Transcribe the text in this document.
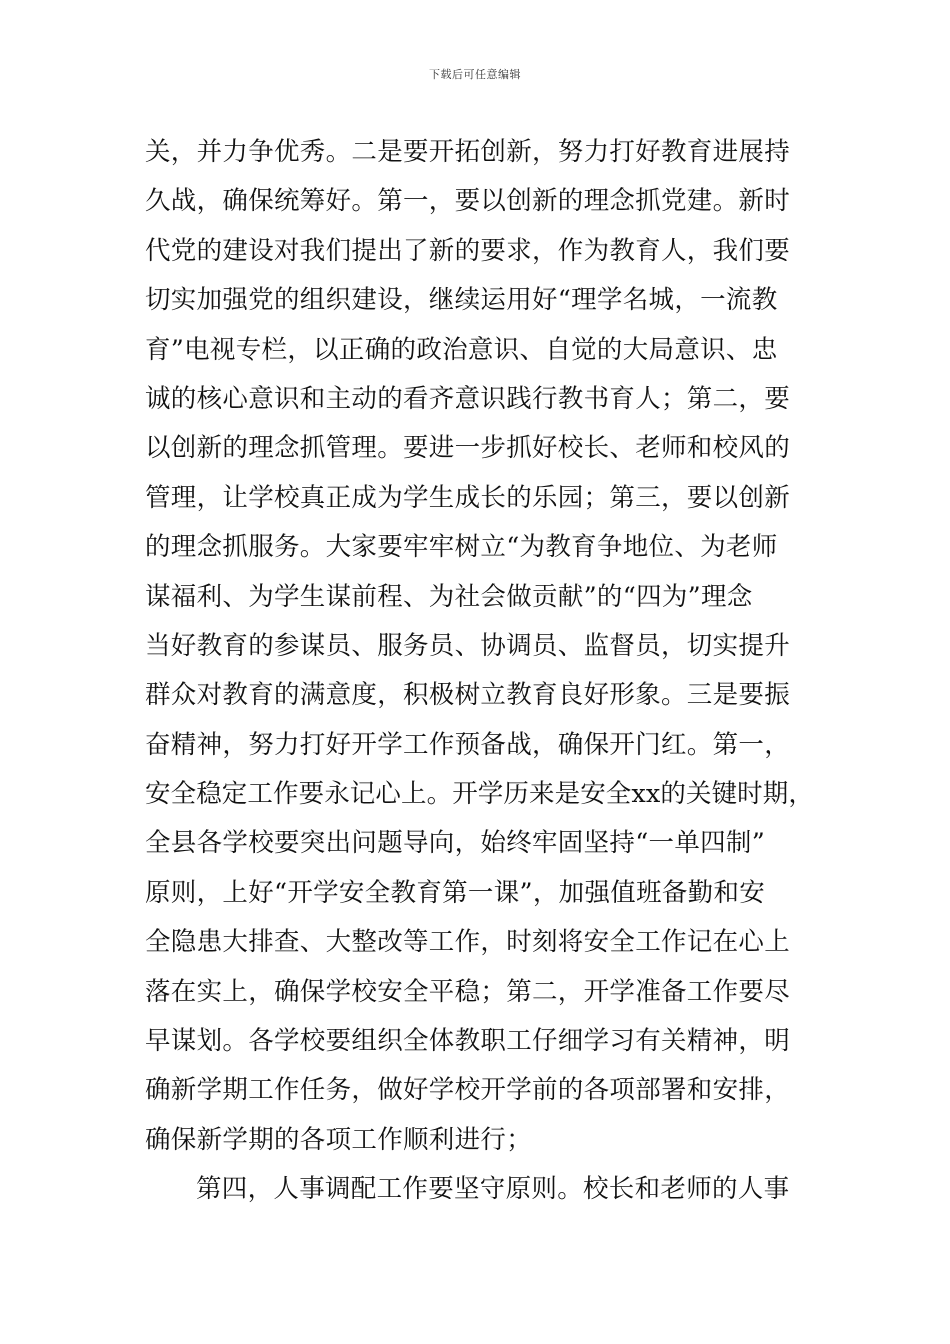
下载后可任意编辑
关，并力争优秀。二是要开拓创新，努力打好教育进展持
久战，确保统筹好。第一，要以创新的理念抓党建。新时
代党的建设对我们提出了新的要求，作为教育人，我们要
切实加强党的组织建设，继续运用好“理学名城，一流教
育”电视专栏，以正确的政治意识、自觉的大局意识、忠
诚的核心意识和主动的看齐意识践行教书育人；第二，要
以创新的理念抓管理。要进一步抓好校长、老师和校风的
管理，让学校真正成为学生成长的乐园；第三，要以创新
的理念抓服务。大家要牢牢树立“为教育争地位、为老师
谋福利、为学生谋前程、为社会做贡献”的“四为”理念
当好教育的参谋员、服务员、协调员、监督员，切实提升
群众对教育的满意度，积极树立教育良好形象。三是要振
奋精神，努力打好开学工作预备战，确保开门红。第一，
安全稳定工作要永记心上。开学历来是安全xx的关键时期，
全县各学校要突出问题导向，始终牢固坚持“一单四制”
原则，上好“开学安全教育第一课”，加强值班备勤和安
全隐患大排查、大整改等工作，时刻将安全工作记在心上
落在实上，确保学校安全平稳；第二，开学准备工作要尽
早谋划。各学校要组织全体教职工仔细学习有关精神，明
确新学期工作任务，做好学校开学前的各项部署和安排，
确保新学期的各项工作顺利进行；
第四，人事调配工作要坚守原则。校长和老师的人事
